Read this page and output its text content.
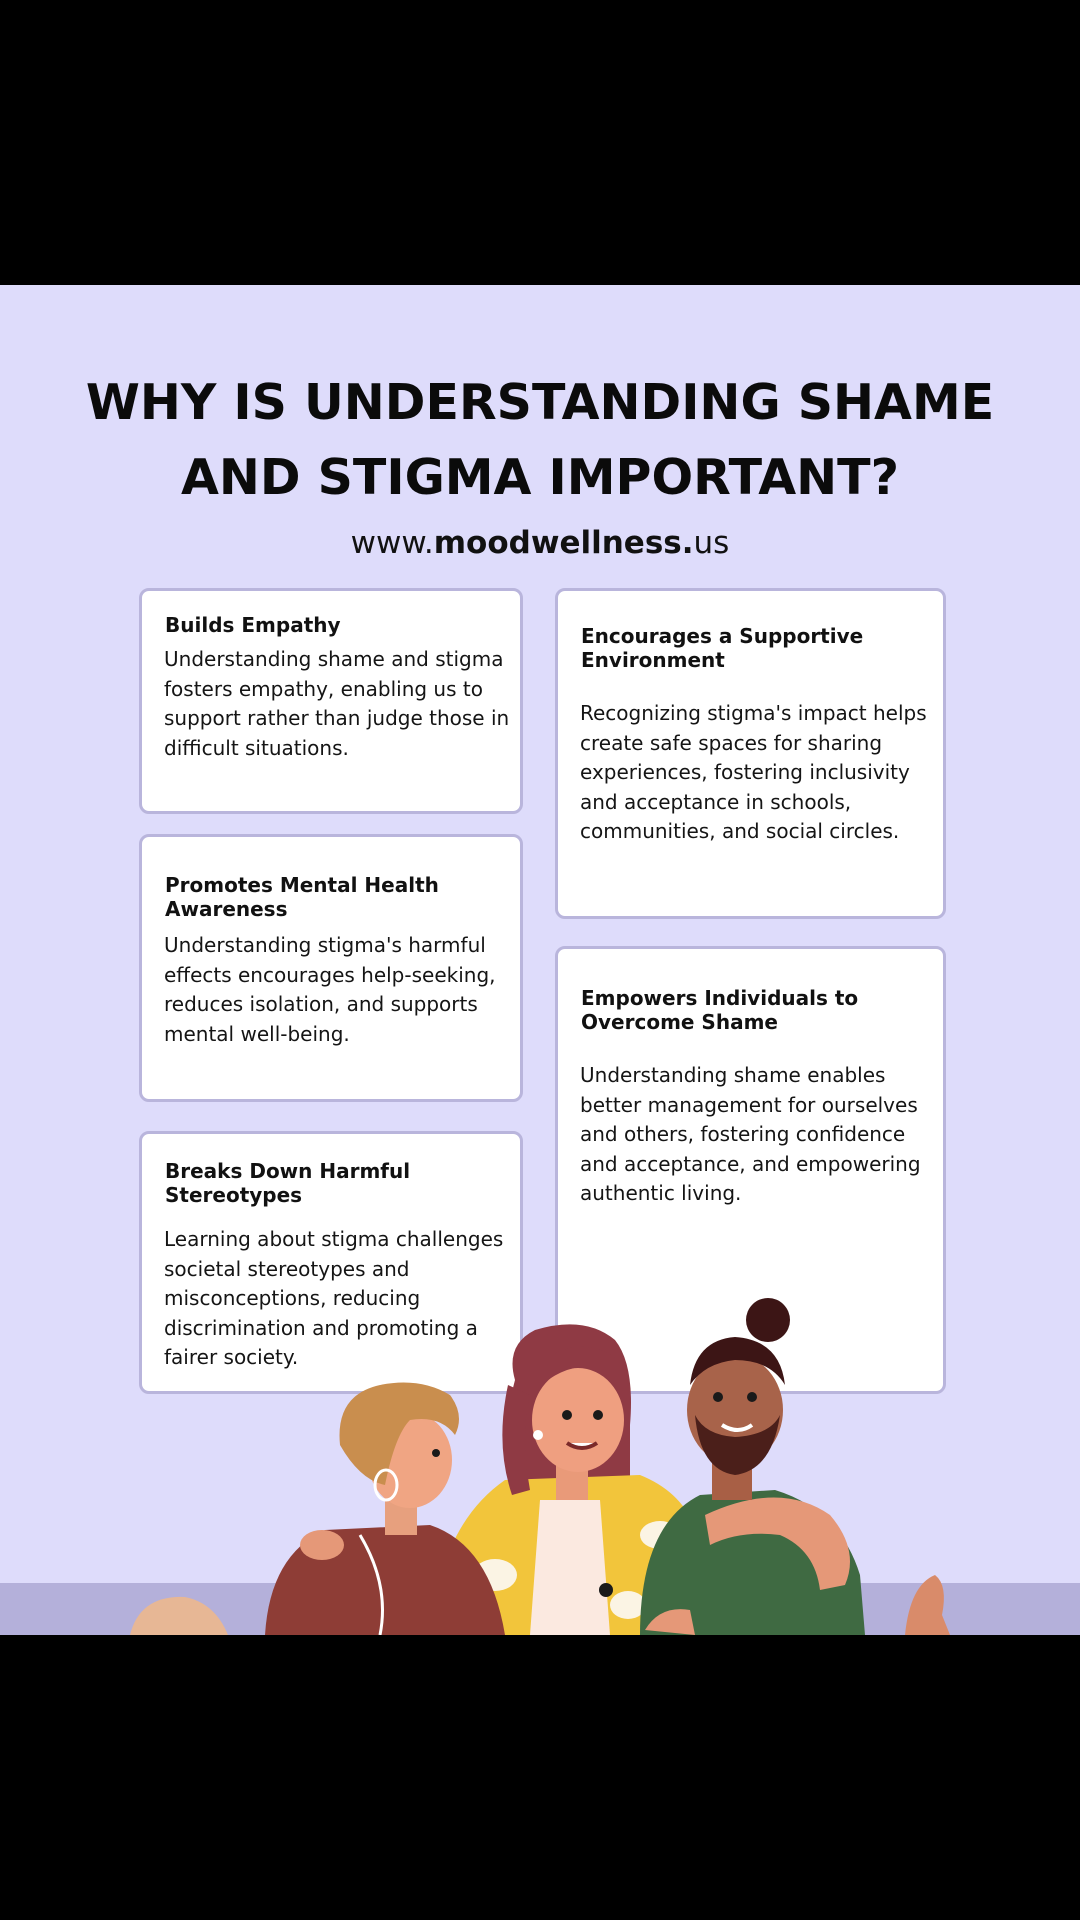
WHY IS UNDERSTANDING SHAME
AND STIGMA IMPORTANT?
www.moodwellness.us
Builds Empathy

Understanding shame and stigma fosters empathy, enabling us to support rather than judge those in difficult situations.

Encourages a Supportive Environment

Recognizing stigma's impact helps create safe spaces for sharing experiences, fostering inclusivity and acceptance in schools, communities, and social circles.

Promotes Mental Health Awareness

Understanding stigma's harmful effects encourages help-seeking, reduces isolation, and supports mental well-being.

Empowers Individuals to Overcome Shame

Understanding shame enables better management for ourselves and others, fostering confidence and acceptance, and empowering authentic living.

Breaks Down Harmful Stereotypes

Learning about stigma challenges societal stereotypes and misconceptions, reducing discrimination and promoting a fairer society.
